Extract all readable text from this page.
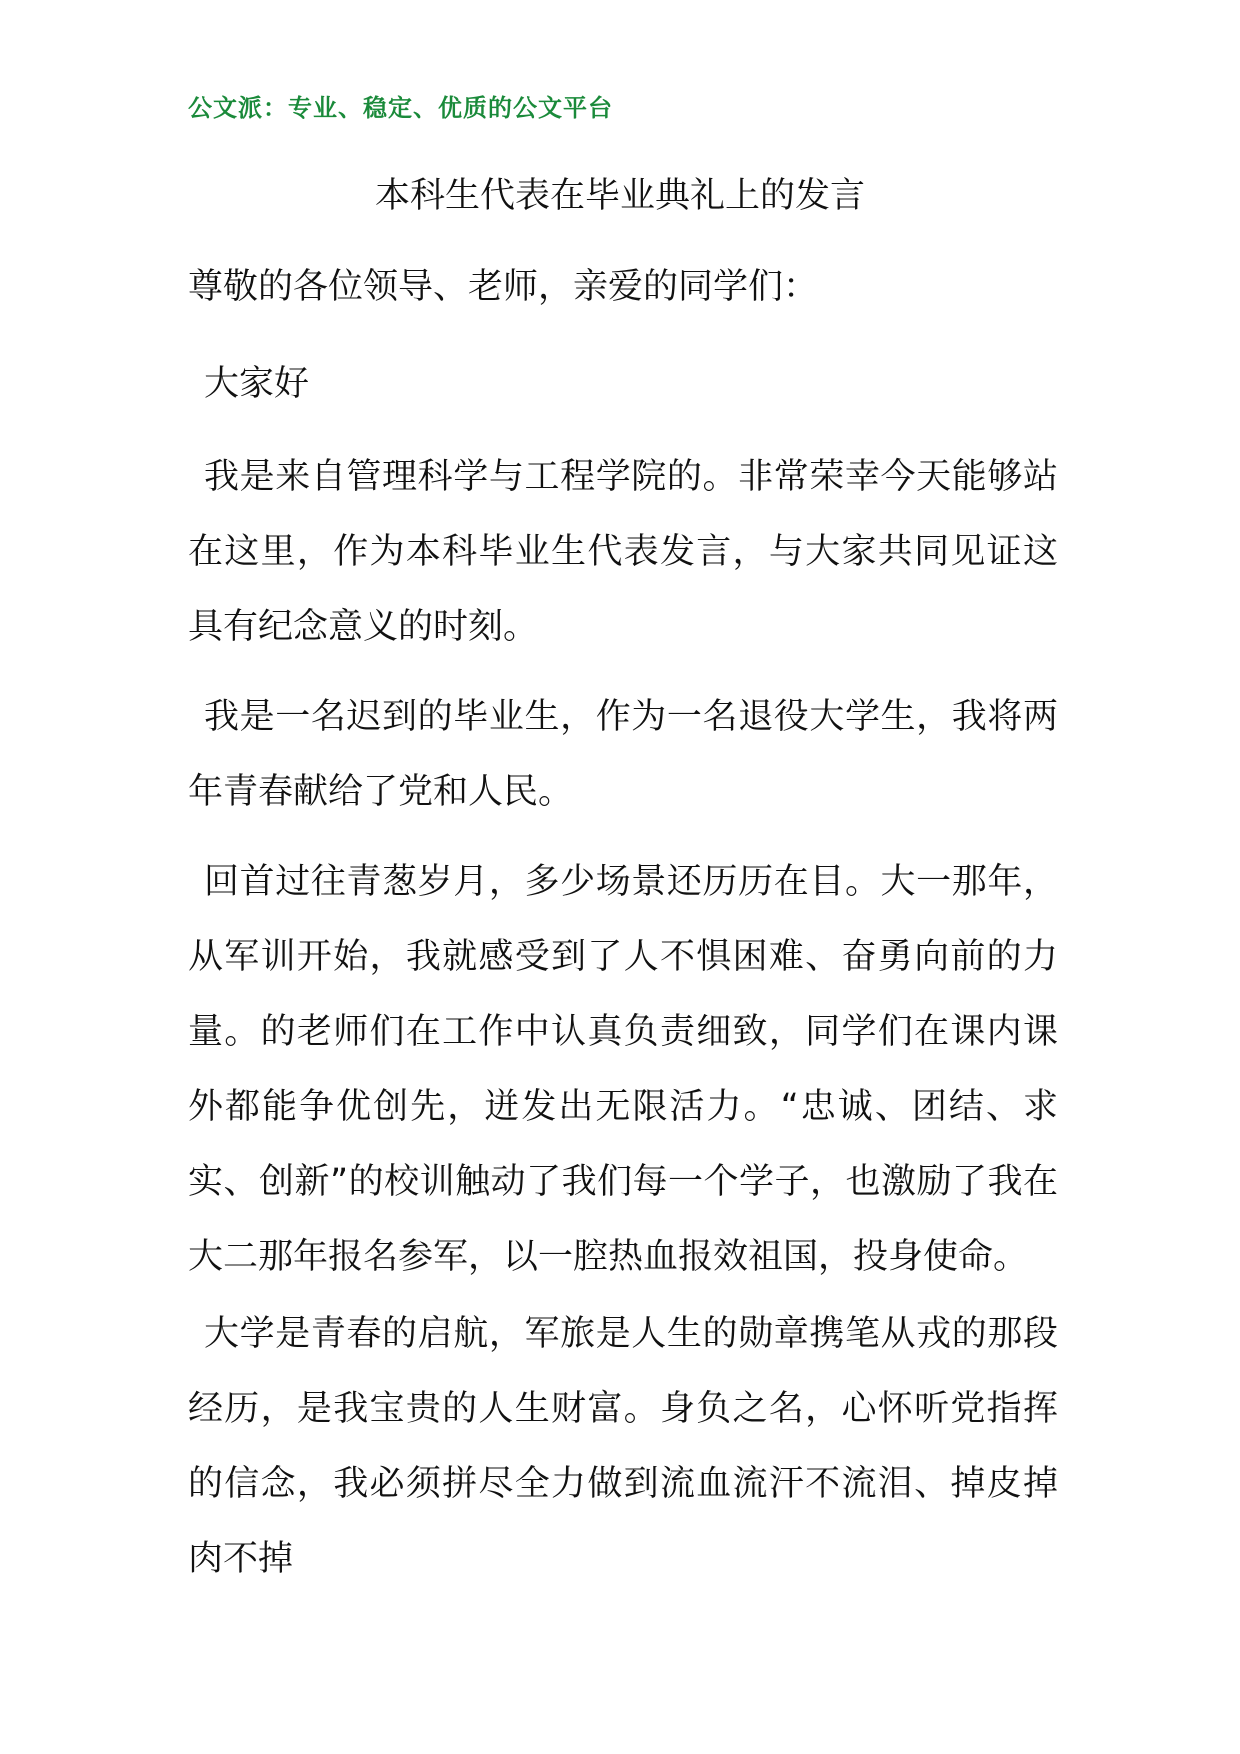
公文派：专业、稳定、优质的公文平台
本科生代表在毕业典礼上的发言

尊敬的各位领导、老师，亲爱的同学们：

大家好

我是来自管理科学与工程学院的。非常荣幸今天能够站在这里，作为本科毕业生代表发言，与大家共同见证这具有纪念意义的时刻。

我是一名迟到的毕业生，作为一名退役大学生，我将两年青春献给了党和人民。

回首过往青葱岁月，多少场景还历历在目。大一那年，从军训开始，我就感受到了人不惧困难、奋勇向前的力量。的老师们在工作中认真负责细致，同学们在课内课外都能争优创先，迸发出无限活力。“忠诚、团结、求实、创新”的校训触动了我们每一个学子，也激励了我在大二那年报名参军，以一腔热血报效祖国，投身使命。

大学是青春的启航，军旅是人生的勋章携笔从戎的那段经历，是我宝贵的人生财富。身负之名，心怀听党指挥的信念，我必须拼尽全力做到流血流汗不流泪、掉皮掉肉不掉
